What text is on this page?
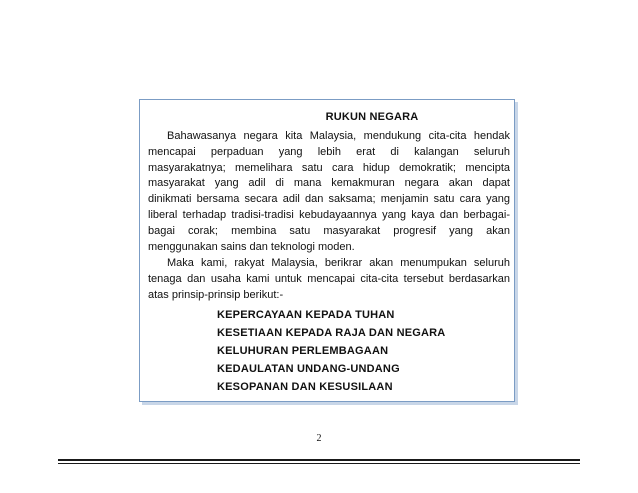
RUKUN NEGARA
Bahawasanya negara kita Malaysia, mendukung cita-cita hendak
mencapai perpaduan yang lebih erat di kalangan seluruh
masyarakatnya; memelihara satu cara hidup demokratik; mencipta
masyarakat yang adil di mana kemakmuran negara akan dapat
dinikmati bersama secara adil dan saksama; menjamin satu cara yang
liberal terhadap tradisi-tradisi kebudayaannya yang kaya dan berbagai-
bagai corak; membina satu masyarakat progresif yang akan
menggunakan sains dan teknologi moden.
Maka kami, rakyat Malaysia, berikrar akan menumpukan seluruh
tenaga dan usaha kami untuk mencapai cita-cita tersebut berdasarkan
atas prinsip-prinsip berikut:-
KEPERCAYAAN KEPADA TUHAN
KESETIAAN KEPADA RAJA DAN NEGARA
KELUHURAN PERLEMBAGAAN
KEDAULATAN UNDANG-UNDANG
KESOPANAN DAN KESUSILAAN
2
